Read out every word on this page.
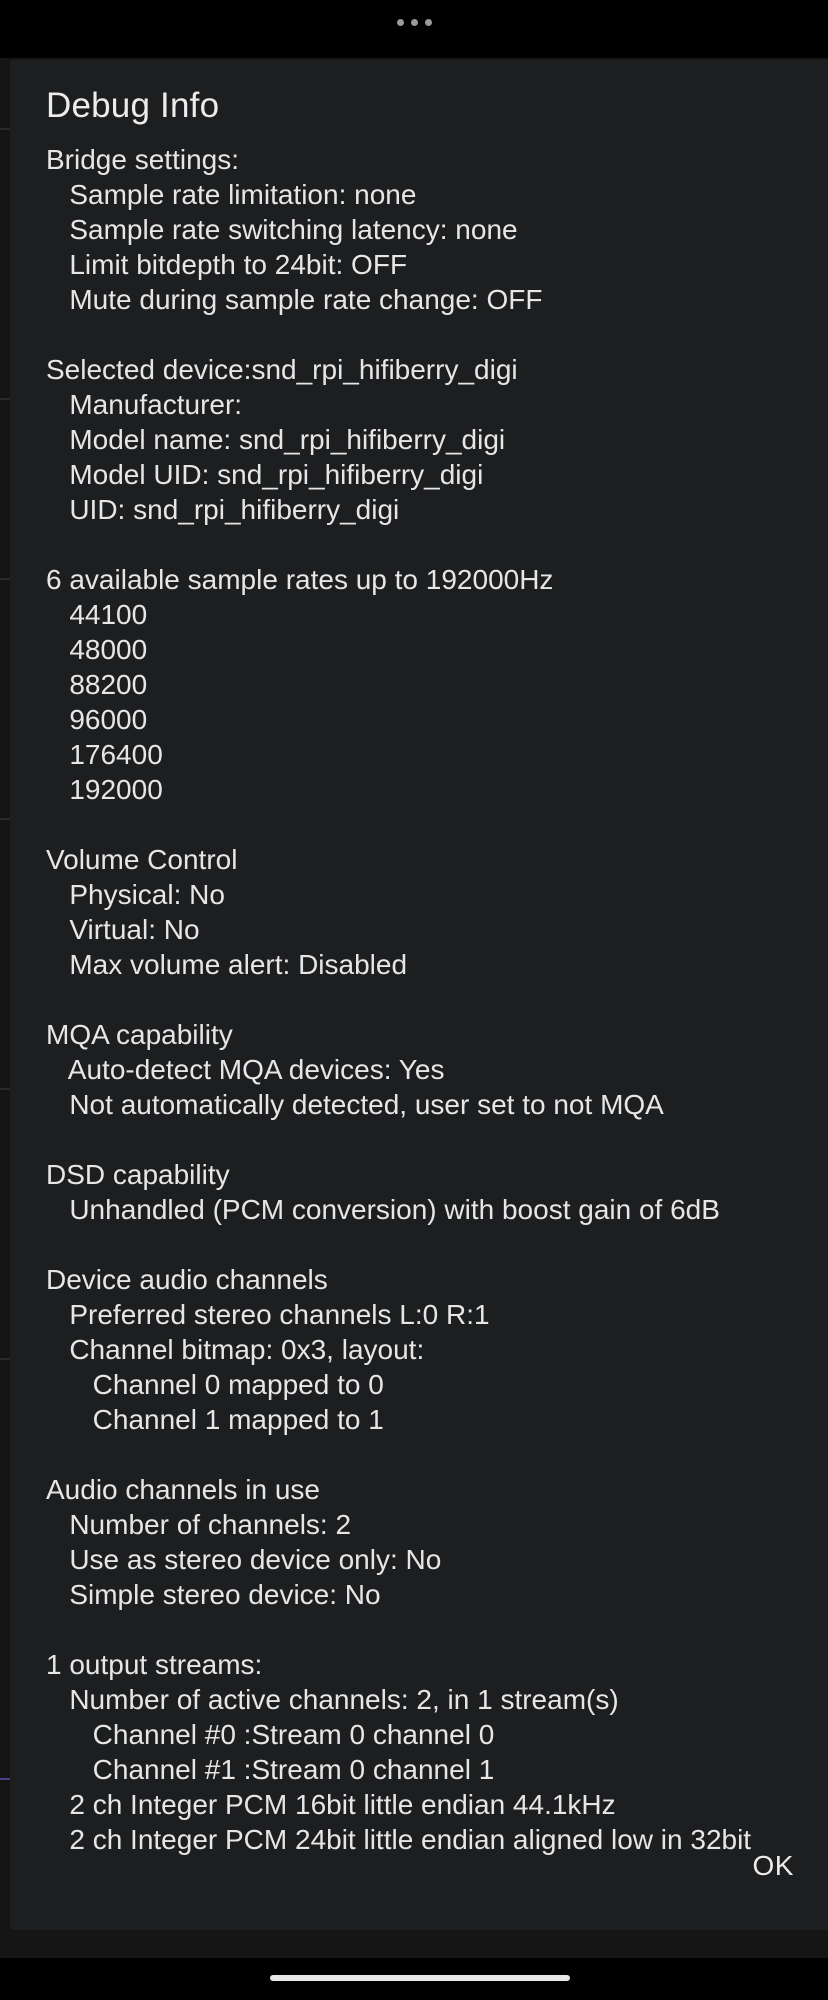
Debug Info
Bridge settings:
Sample rate limitation: none
Sample rate switching latency: none
Limit bitdepth to 24bit: OFF
Mute during sample rate change: OFF
Selected device:snd_rpi_hifiberry_digi
Manufacturer:
Model name: snd_rpi_hifiberry_digi
Model UID: snd_rpi_hifiberry_digi
UID: snd_rpi_hifiberry_digi
6 available sample rates up to 192000Hz
44100
48000
88200
96000
176400
192000
Volume Control
Physical: No
Virtual: No
Max volume alert: Disabled
MQA capability
Auto-detect MQA devices: Yes
Not automatically detected, user set to not MQA
DSD capability
Unhandled (PCM conversion) with boost gain of 6dB
Device audio channels
Preferred stereo channels L:0 R:1
Channel bitmap: 0x3, layout:
Channel 0 mapped to 0
Channel 1 mapped to 1
Audio channels in use
Number of channels: 2
Use as stereo device only: No
Simple stereo device: No
1 output streams:
Number of active channels: 2, in 1 stream(s)
Channel #0 :Stream 0 channel 0
Channel #1 :Stream 0 channel 1
2 ch Integer PCM 16bit little endian 44.1kHz
2 ch Integer PCM 24bit little endian aligned low in 32bit
OK
